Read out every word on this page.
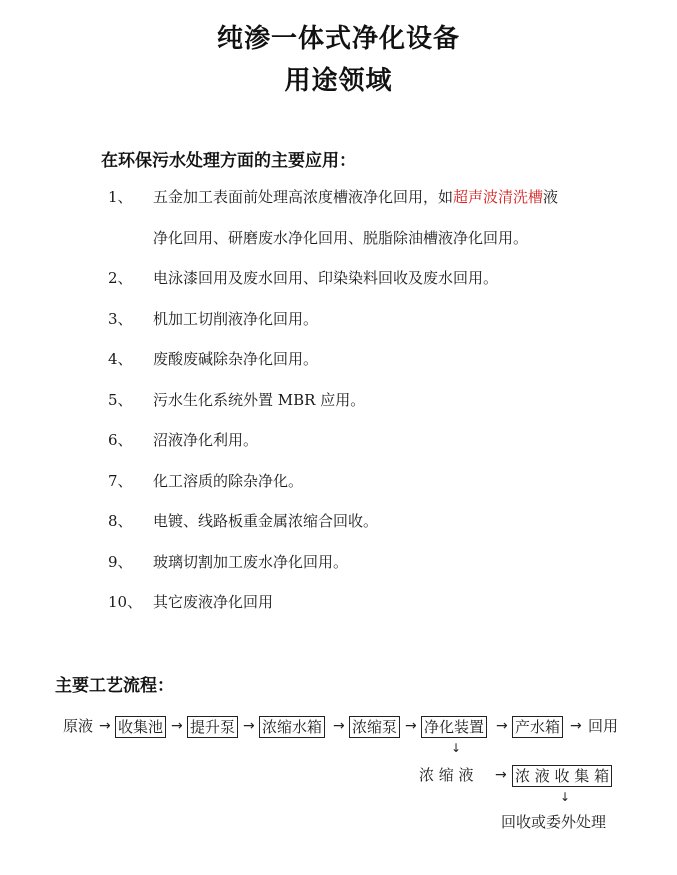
纯渗一体式净化设备
用途领域
在环保污水处理方面的主要应用：
1、 五金加工表面前处理高浓度槽液净化回用，如超声波清洗槽液
净化回用、研磨废水净化回用、脱脂除油槽液净化回用。
2、 电泳漆回用及废水回用、印染染料回收及废水回用。
3、 机加工切削液净化回用。
4、 废酸废碱除杂净化回用。
5、 污水生化系统外置 MBR 应用。
6、 沼液净化利用。
7、 化工溶质的除杂净化。
8、 电镀、线路板重金属浓缩合回收。
9、 玻璃切割加工废水净化回用。
10、 其它废液净化回用
主要工艺流程：
原液 → 收集池 → 提升泵 → 浓缩水箱 → 浓缩泵 → 净化装置 → 产水箱 → 回用
↓
浓 缩 液 → 浓 液 收 集 箱
↓
回收或委外处理
